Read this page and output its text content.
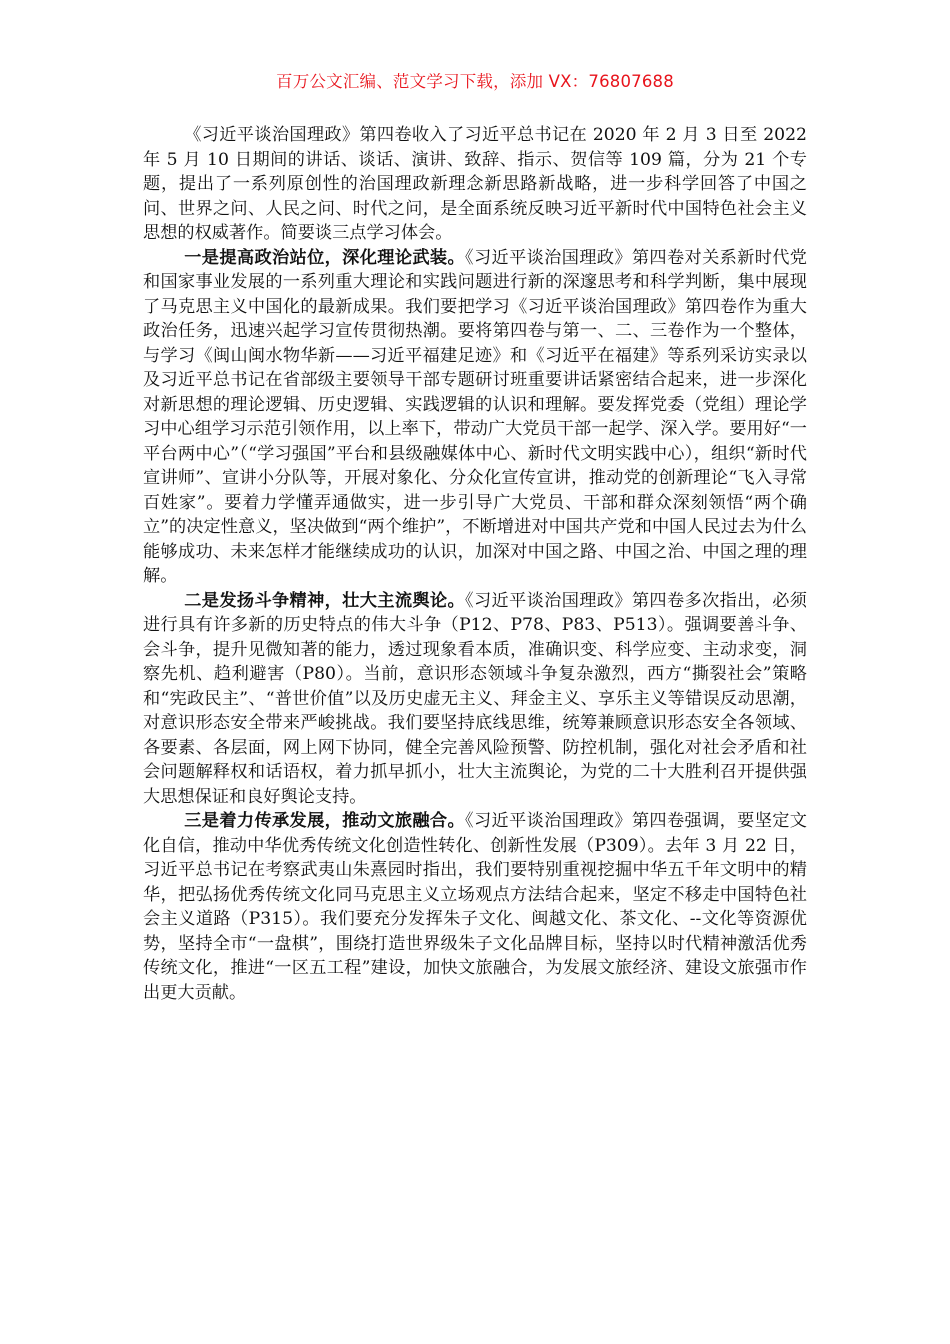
百万公文汇编、范文学习下载，添加 VX：76807688

《习近平谈治国理政》第四卷收入了习近平总书记在 2020 年 2 月 3 日至 2022 年 5 月 10 日期间的讲话、谈话、演讲、致辞、指示、贺信等 109 篇，分为 21 个专题，提出了一系列原创性的治国理政新理念新思路新战略，进一步科学回答了中国之问、世界之问、人民之问、时代之问，是全面系统反映习近平新时代中国特色社会主义思想的权威著作。简要谈三点学习体会。

一是提高政治站位，深化理论武装。《习近平谈治国理政》第四卷对关系新时代党和国家事业发展的一系列重大理论和实践问题进行新的深邃思考和科学判断，集中展现了马克思主义中国化的最新成果。我们要把学习《习近平谈治国理政》第四卷作为重大政治任务，迅速兴起学习宣传贯彻热潮。要将第四卷与第一、二、三卷作为一个整体，与学习《闽山闽水物华新——习近平福建足迹》和《习近平在福建》等系列采访实录以及习近平总书记在省部级主要领导干部专题研讨班重要讲话紧密结合起来，进一步深化对新思想的理论逻辑、历史逻辑、实践逻辑的认识和理解。要发挥党委（党组）理论学习中心组学习示范引领作用，以上率下，带动广大党员干部一起学、深入学。要用好“一平台两中心”（“学习强国”平台和县级融媒体中心、新时代文明实践中心），组织“新时代宣讲师”、宣讲小分队等，开展对象化、分众化宣传宣讲，推动党的创新理论“飞入寻常百姓家”。要着力学懂弄通做实，进一步引导广大党员、干部和群众深刻领悟“两个确立”的决定性意义，坚决做到“两个维护”，不断增进对中国共产党和中国人民过去为什么能够成功、未来怎样才能继续成功的认识，加深对中国之路、中国之治、中国之理的理解。

二是发扬斗争精神，壮大主流舆论。《习近平谈治国理政》第四卷多次指出，必须进行具有许多新的历史特点的伟大斗争（P12、P78、P83、P513）。强调要善斗争、会斗争，提升见微知著的能力，透过现象看本质，准确识变、科学应变、主动求变，洞察先机、趋利避害（P80）。当前，意识形态领域斗争复杂激烈，西方“撕裂社会”策略和“宪政民主”、“普世价值”以及历史虚无主义、拜金主义、享乐主义等错误反动思潮，对意识形态安全带来严峻挑战。我们要坚持底线思维，统筹兼顾意识形态安全各领域、各要素、各层面，网上网下协同，健全完善风险预警、防控机制，强化对社会矛盾和社会问题解释权和话语权，着力抓早抓小，壮大主流舆论，为党的二十大胜利召开提供强大思想保证和良好舆论支持。

三是着力传承发展，推动文旅融合。《习近平谈治国理政》第四卷强调，要坚定文化自信，推动中华优秀传统文化创造性转化、创新性发展（P309）。去年 3 月 22 日，习近平总书记在考察武夷山朱熹园时指出，我们要特别重视挖掘中华五千年文明中的精华，把弘扬优秀传统文化同马克思主义立场观点方法结合起来，坚定不移走中国特色社会主义道路（P315）。我们要充分发挥朱子文化、闽越文化、茶文化、--文化等资源优势，坚持全市“一盘棋”，围绕打造世界级朱子文化品牌目标，坚持以时代精神激活优秀传统文化，推进“一区五工程”建设，加快文旅融合，为发展文旅经济、建设文旅强市作出更大贡献。
